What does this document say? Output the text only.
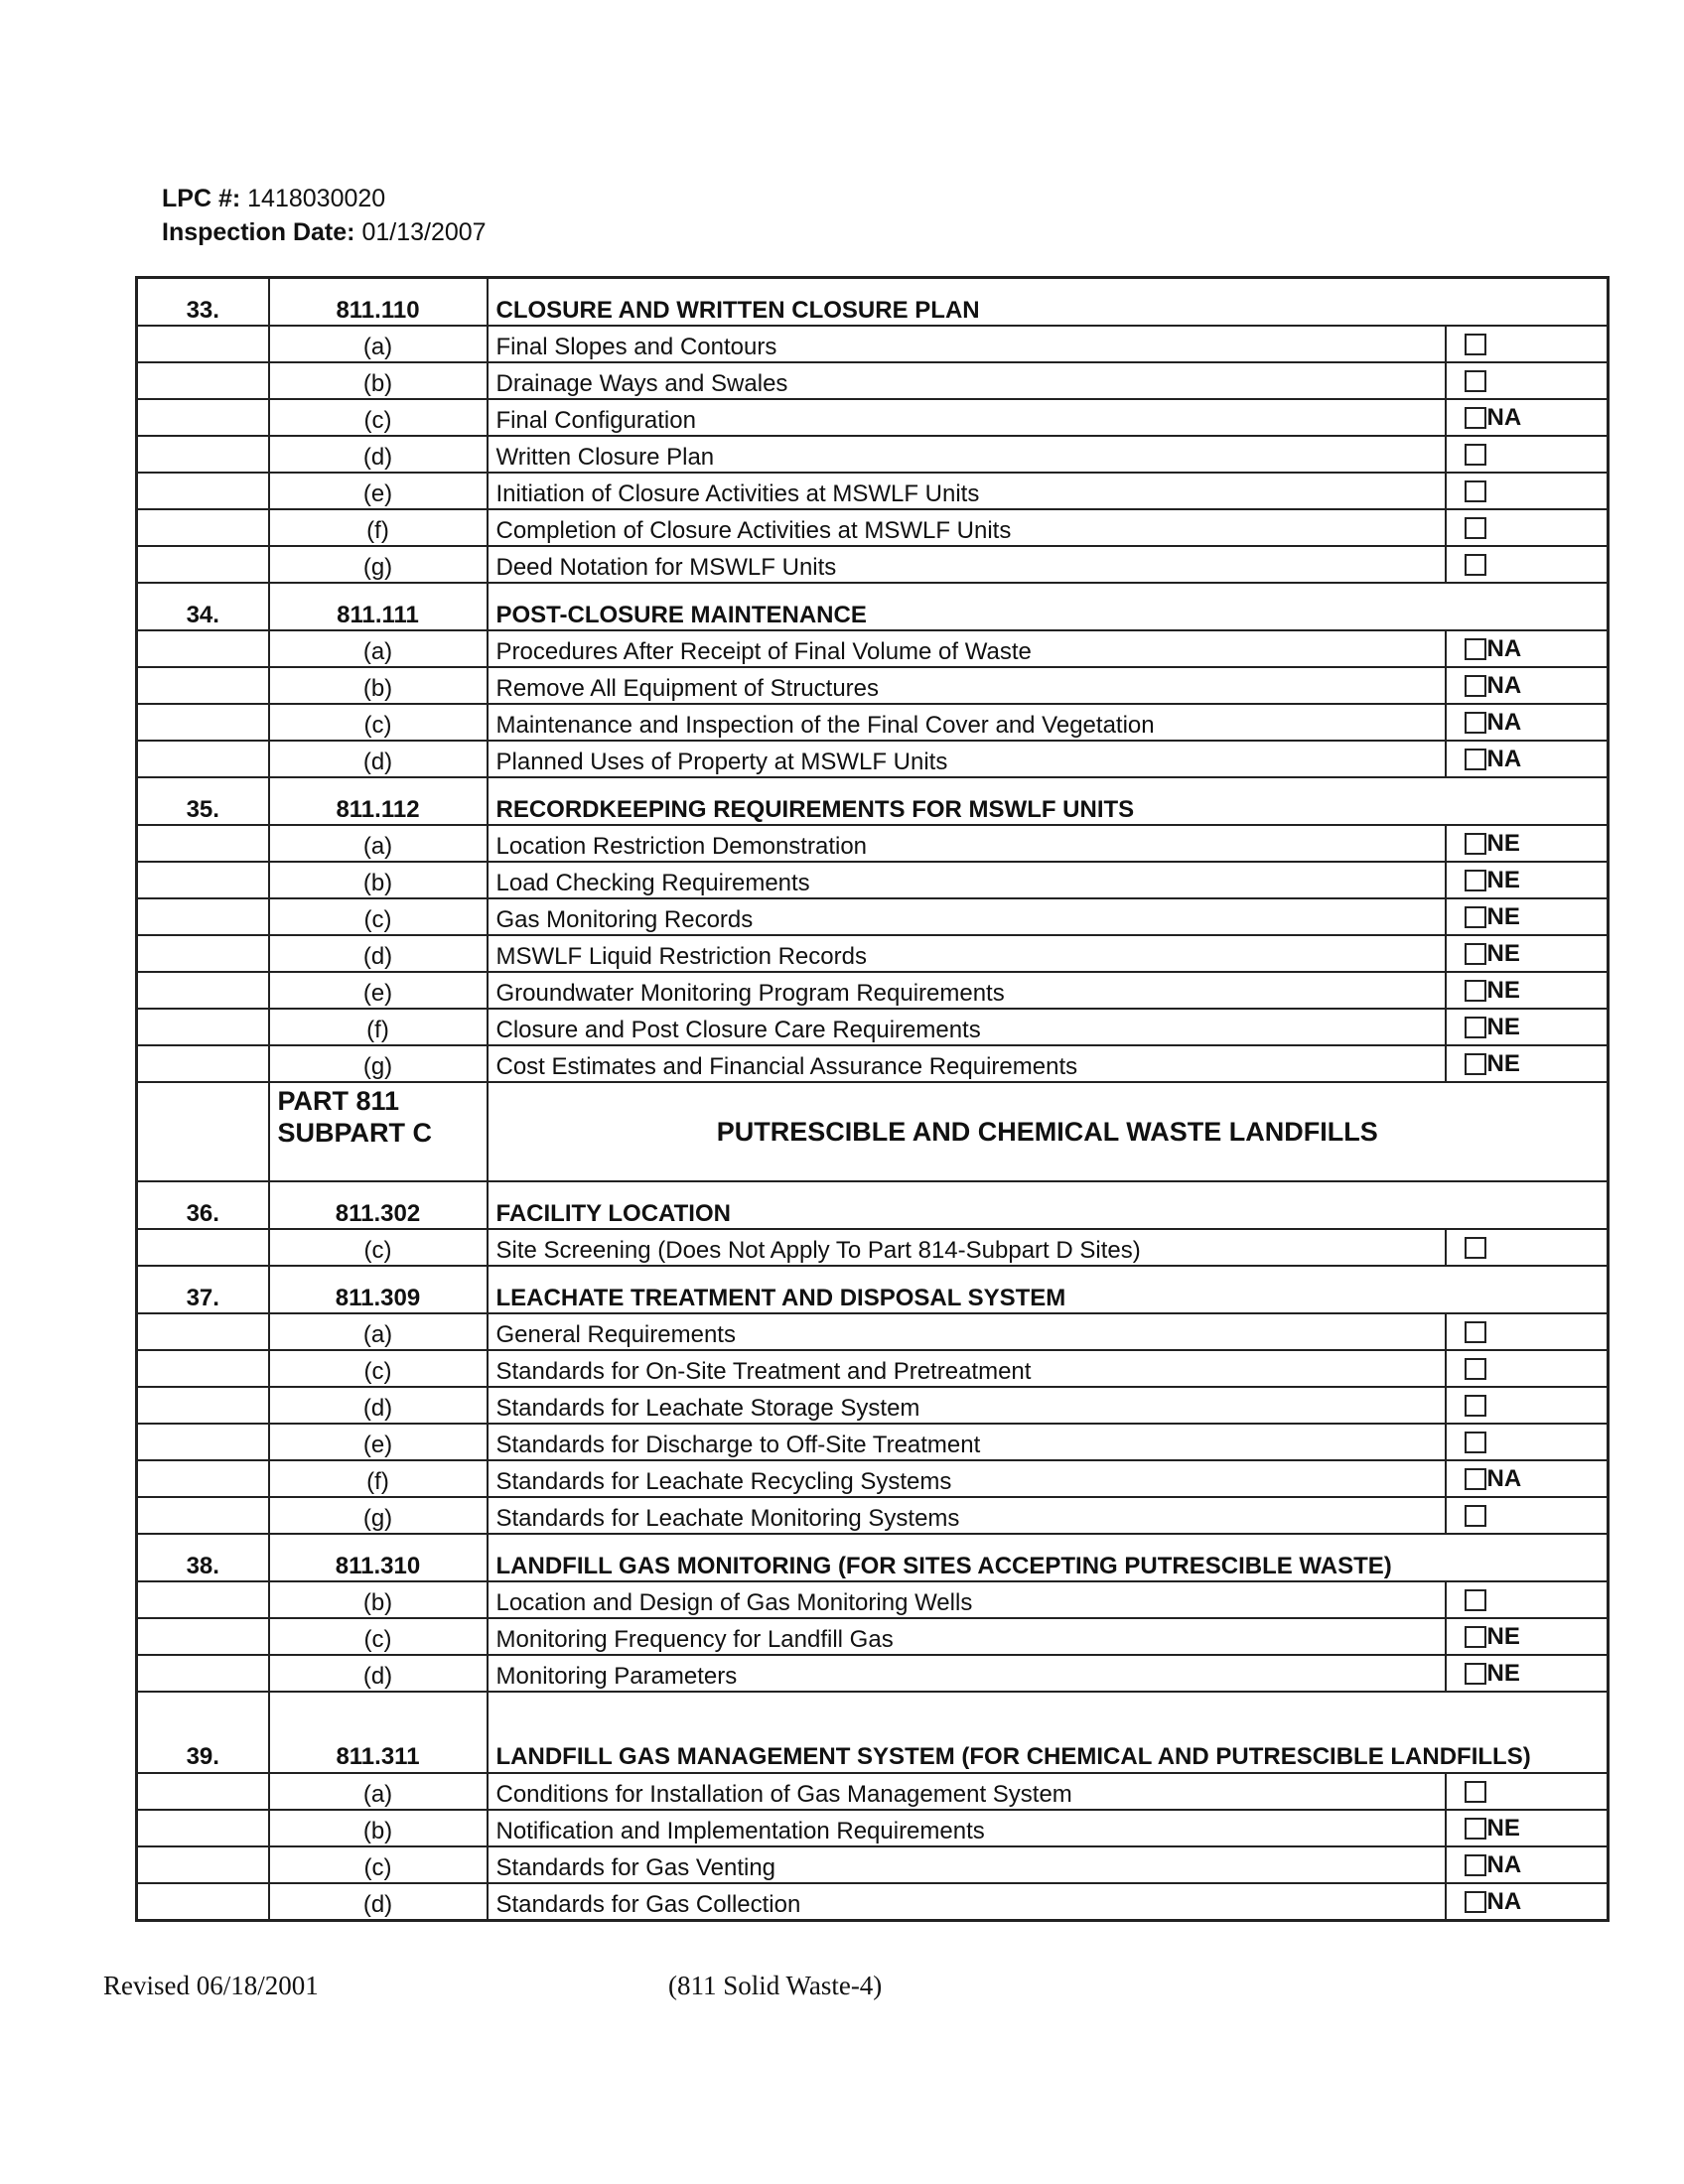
LPC #: 1418030020
Inspection Date: 01/13/2007
33.	811.110	CLOSURE AND WRITTEN CLOSURE PLAN	
	(a)	Final Slopes and Contours	
	(b)	Drainage Ways and Swales	
	(c)	Final Configuration	NA
	(d)	Written Closure Plan	
	(e)	Initiation of Closure Activities at MSWLF Units	
	(f)	Completion of Closure Activities at MSWLF Units	
	(g)	Deed Notation for MSWLF Units	
34.	811.111	POST-CLOSURE MAINTENANCE	
	(a)	Procedures After Receipt of Final Volume of Waste	NA
	(b)	Remove All Equipment of Structures	NA
	(c)	Maintenance and Inspection of the Final Cover and Vegetation	NA
	(d)	Planned Uses of Property at MSWLF Units	NA
35.	811.112	RECORDKEEPING REQUIREMENTS FOR MSWLF UNITS	
	(a)	Location Restriction Demonstration	NE
	(b)	Load Checking Requirements	NE
	(c)	Gas Monitoring Records	NE
	(d)	MSWLF Liquid Restriction Records	NE
	(e)	Groundwater Monitoring Program Requirements	NE
	(f)	Closure and Post Closure Care Requirements	NE
	(g)	Cost Estimates and Financial Assurance Requirements	NE
	PART 811 SUBPART C	PUTRESCIBLE AND CHEMICAL WASTE LANDFILLS	
36.	811.302	FACILITY LOCATION	
	(c)	Site Screening (Does Not Apply To Part 814-Subpart D Sites)	
37.	811.309	LEACHATE TREATMENT AND DISPOSAL SYSTEM	
	(a)	General Requirements	
	(c)	Standards for On-Site Treatment and Pretreatment	
	(d)	Standards for Leachate Storage System	
	(e)	Standards for Discharge to Off-Site Treatment	
	(f)	Standards for Leachate Recycling Systems	NA
	(g)	Standards for Leachate Monitoring Systems	
38.	811.310	LANDFILL GAS MONITORING (FOR SITES ACCEPTING PUTRESCIBLE WASTE)	
	(b)	Location and Design of Gas Monitoring Wells	
	(c)	Monitoring Frequency for Landfill Gas	NE
	(d)	Monitoring Parameters	NE
39.	811.311	LANDFILL GAS MANAGEMENT SYSTEM (FOR CHEMICAL AND PUTRESCIBLE LANDFILLS)	
	(a)	Conditions for Installation of Gas Management System	
	(b)	Notification and Implementation Requirements	NE
	(c)	Standards for Gas Venting	NA
	(d)	Standards for Gas Collection	NA
Revised 06/18/2001	(811 Solid Waste-4)
